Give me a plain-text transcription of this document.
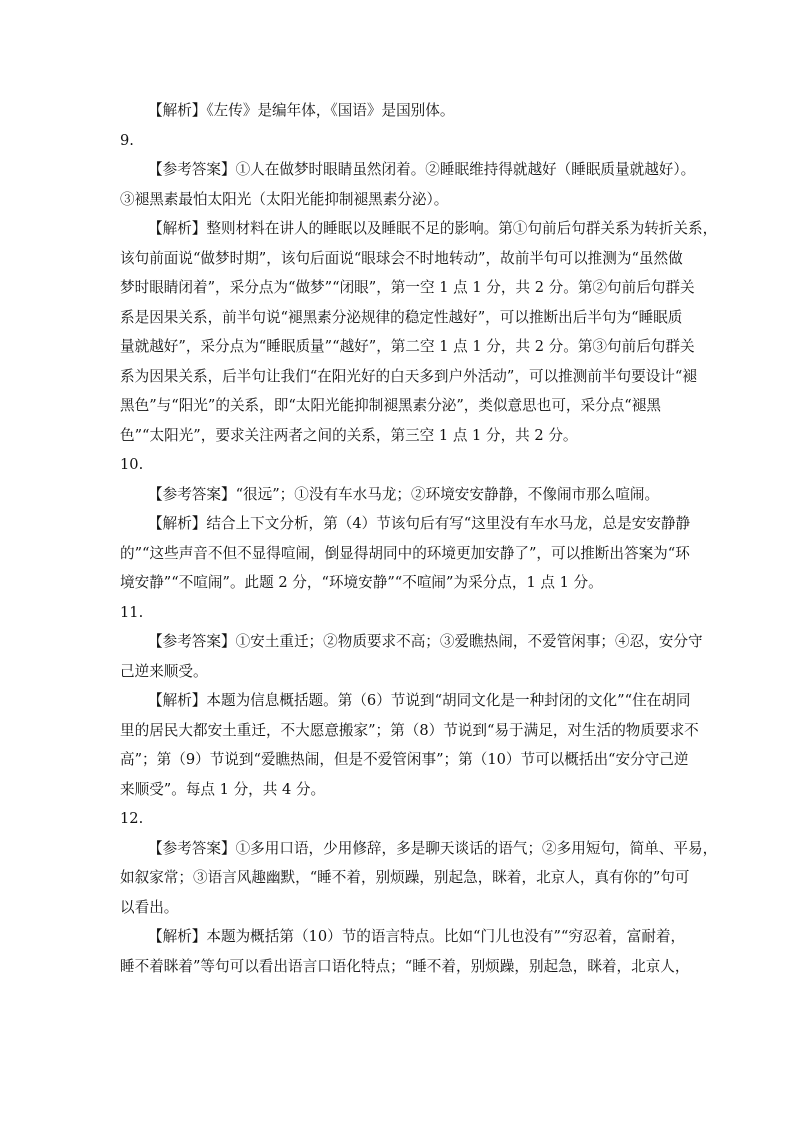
【解析】《左传》是编年体，《国语》是国别体。

9.

【参考答案】①人在做梦时眼睛虽然闭着。②睡眠维持得就越好（睡眠质量就越好）。

③褪黑素最怕太阳光（太阳光能抑制褪黑素分泌）。

【解析】整则材料在讲人的睡眠以及睡眠不足的影响。第①句前后句群关系为转折关系，

该句前面说“做梦时期”，该句后面说“眼球会不时地转动”，故前半句可以推测为“虽然做

梦时眼睛闭着”，采分点为“做梦”“闭眼”，第一空 1 点 1 分，共 2 分。第②句前后句群关

系是因果关系，前半句说“褪黑素分泌规律的稳定性越好”，可以推断出后半句为“睡眠质

量就越好”，采分点为“睡眠质量”“越好”，第二空 1 点 1 分，共 2 分。第③句前后句群关

系为因果关系，后半句让我们“在阳光好的白天多到户外活动”，可以推测前半句要设计“褪

黑色”与“阳光”的关系，即“太阳光能抑制褪黑素分泌”，类似意思也可，采分点“褪黑

色”“太阳光”，要求关注两者之间的关系，第三空 1 点 1 分，共 2 分。

10.

【参考答案】“很远”；①没有车水马龙；②环境安安静静，不像闹市那么喧闹。

【解析】结合上下文分析，第（4）节该句后有写“这里没有车水马龙，总是安安静静

的”“这些声音不但不显得喧闹，倒显得胡同中的环境更加安静了”，可以推断出答案为“环

境安静”“不喧闹”。此题 2 分，“环境安静”“不喧闹”为采分点，1 点 1 分。

11.

【参考答案】①安土重迁；②物质要求不高；③爱瞧热闹，不爱管闲事；④忍，安分守

己逆来顺受。

【解析】本题为信息概括题。第（6）节说到“胡同文化是一种封闭的文化”“住在胡同

里的居民大都安土重迁，不大愿意搬家”；第（8）节说到“易于满足，对生活的物质要求不

高”；第（9）节说到“爱瞧热闹，但是不爱管闲事”；第（10）节可以概括出“安分守己逆

来顺受”。每点 1 分，共 4 分。

12.

【参考答案】①多用口语，少用修辞，多是聊天谈话的语气；②多用短句，简单、平易，

如叙家常；③语言风趣幽默，“睡不着，别烦躁，别起急，眯着，北京人，真有你的”句可

以看出。

【解析】本题为概括第（10）节的语言特点。比如“门儿也没有”“穷忍着，富耐着，

睡不着眯着”等句可以看出语言口语化特点；“睡不着，别烦躁，别起急，眯着，北京人，
